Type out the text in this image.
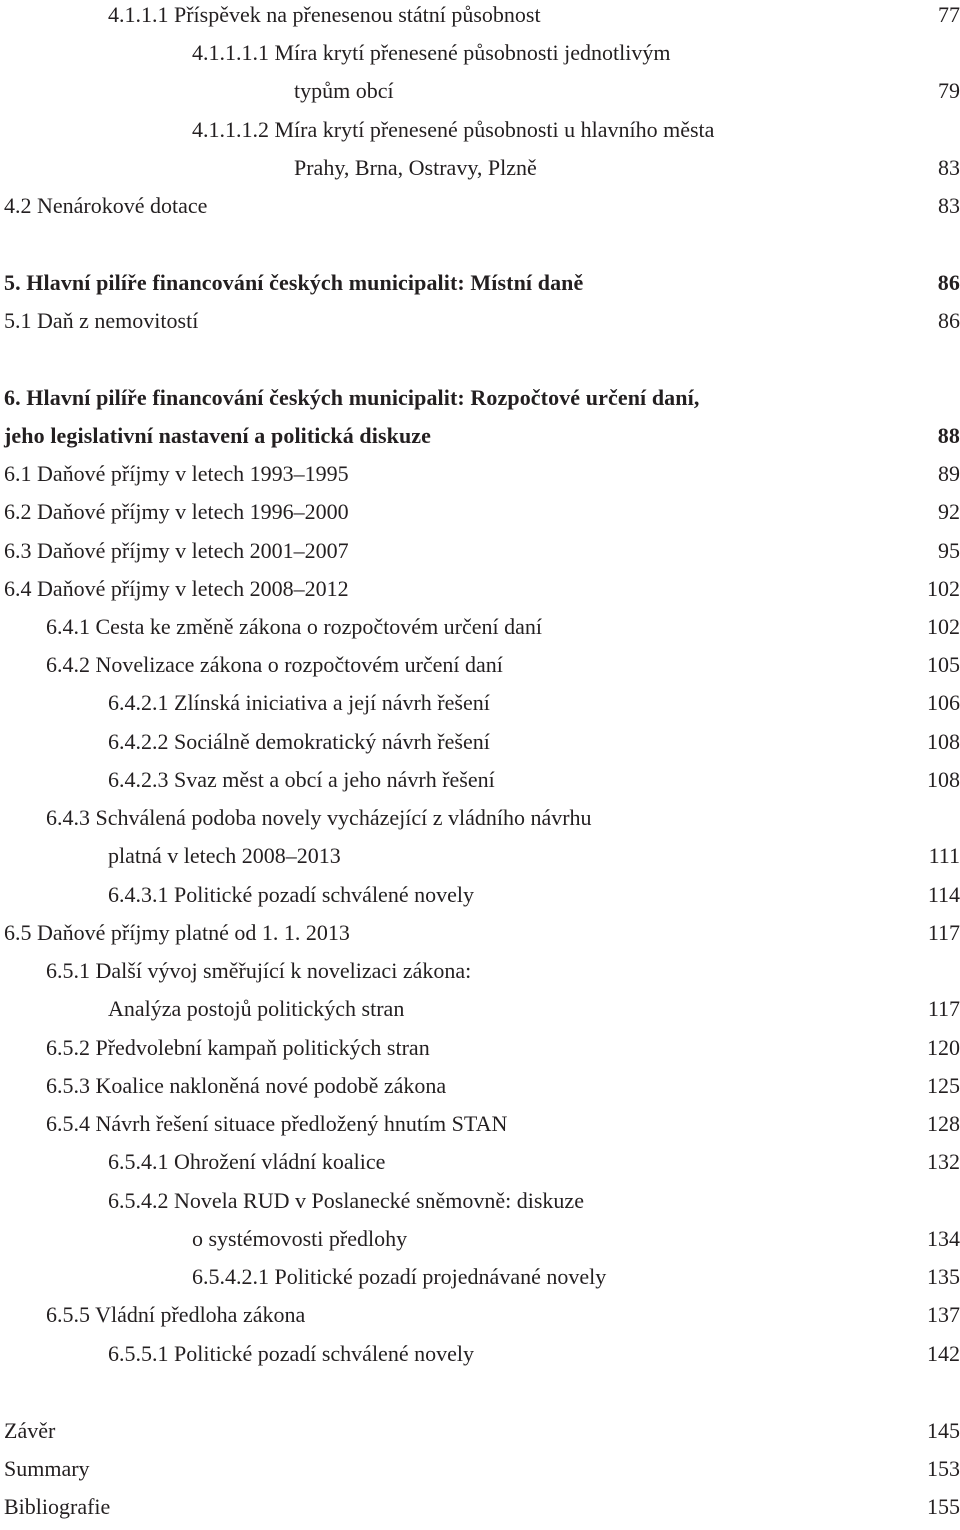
4.1.1.1 Příspěvek na přenesenou státní působnost	77
4.1.1.1.1 Míra krytí přenesené působnosti jednotlivým
typům obcí	79
4.1.1.1.2 Míra krytí přenesené působnosti u hlavního města
Prahy, Brna, Ostravy, Plzně	83
4.2 Nenárokové dotace	83
5. Hlavní pilíře financování českých municipalit: Místní daně	86
5.1 Daň z nemovitostí	86
6. Hlavní pilíře financování českých municipalit: Rozpočtové určení daní,
jeho legislativní nastavení a politická diskuze	88
6.1 Daňové příjmy v letech 1993–1995	89
6.2 Daňové příjmy v letech 1996–2000	92
6.3 Daňové příjmy v letech 2001–2007	95
6.4 Daňové příjmy v letech 2008–2012	102
6.4.1 Cesta ke změně zákona o rozpočtovém určení daní	102
6.4.2 Novelizace zákona o rozpočtovém určení daní	105
6.4.2.1 Zlínská iniciativa a její návrh řešení	106
6.4.2.2 Sociálně demokratický návrh řešení	108
6.4.2.3 Svaz měst a obcí a jeho návrh řešení	108
6.4.3 Schválená podoba novely vycházející z vládního návrhu
platná v letech 2008–2013	111
6.4.3.1 Politické pozadí schválené novely	114
6.5 Daňové příjmy platné od 1. 1. 2013	117
6.5.1 Další vývoj směřující k novelizaci zákona:
Analýza postojů politických stran	117
6.5.2 Předvolební kampaň politických stran	120
6.5.3 Koalice nakloněná nové podobě zákona	125
6.5.4 Návrh řešení situace předložený hnutím STAN	128
6.5.4.1 Ohrožení vládní koalice	132
6.5.4.2 Novela RUD v Poslanecké sněmovně: diskuze
o systémovosti předlohy	134
6.5.4.2.1 Politické pozadí projednávané novely	135
6.5.5 Vládní předloha zákona	137
6.5.5.1 Politické pozadí schválené novely	142
Závěr	145
Summary	153
Bibliografie	155
